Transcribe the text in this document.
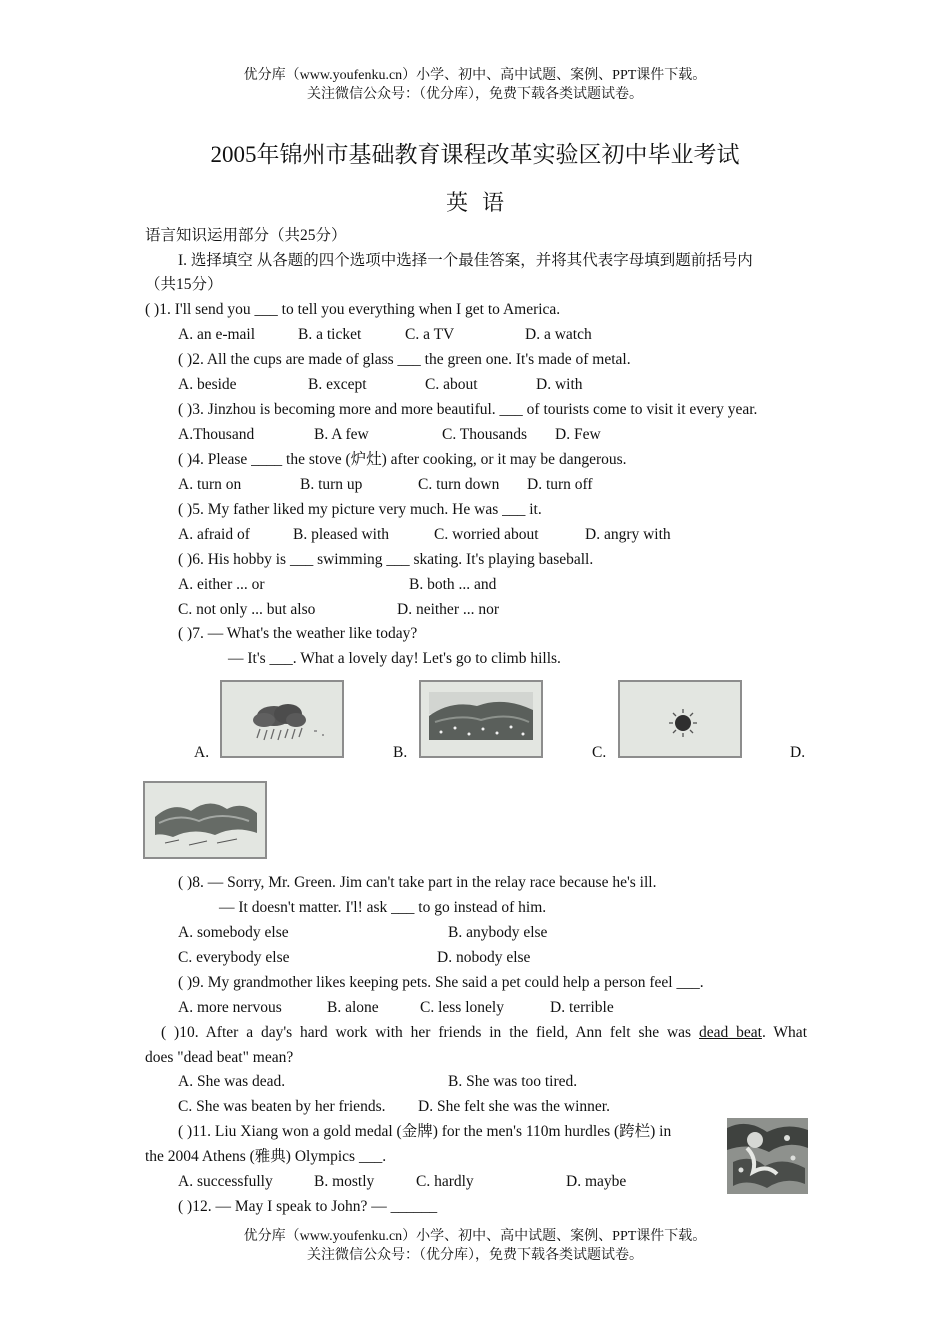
优分库（www.youfenku.cn）小学、初中、高中试题、案例、PPT课件下载。
关注微信公众号：（优分库），免费下载各类试题试卷。
2005年锦州市基础教育课程改革实验区初中毕业考试
英语
语言知识运用部分（共25分）
I. 选择填空 从各题的四个选项中选择一个最佳答案，并将其代表字母填到题前括号内
（共15分）
( )1. I'll send you ___ to tell you everything when I get to America.
A. an e-mail	B. a ticket	C. a TV	D. a watch
( )2. All the cups are made of glass ___ the green one. It's made of metal.
A. beside	B. except	C. about	D. with
( )3. Jinzhou is becoming more and more beautiful. ___ of tourists come to visit it every year.
A.Thousand	B. A few	C. Thousands D. Few
( )4. Please ____ the stove (炉灶) after cooking, or it may be dangerous.
A. turn on	B. turn up	C. turn down D. turn off
( )5. My father liked my picture very much. He was ___ it.
A. afraid of	B. pleased with	C. worried about	D. angry with
( )6. His hobby is ___ swimming ___ skating. It's playing baseball.
A. either ... or	B. both ... and
C. not only ... but also	D. neither ... nor
( )7. — What's the weather like today?
— It's ___. What a lovely day! Let's go to climb hills.
A.	B.	C.	D.
( )8. — Sorry, Mr. Green. Jim can't take part in the relay race because he's ill.
— It doesn't matter. I'l! ask ___ to go instead of him.
A. somebody else	B. anybody else
C. everybody else	D. nobody else
( )9. My grandmother likes keeping pets. She said a pet could help a person feel ___.
A. more nervous	B. alone	C. less lonely	D. terrible
( )10. After a day's hard work with her friends in the field, Ann felt she was dead beat. What
does "dead beat" mean?
A. She was dead.	B. She was too tired.
C. She was beaten by her friends. D. She felt she was the winner.
( )11. Liu Xiang won a gold medal (金牌) for the men's 110m hurdles (跨栏) in
the 2004 Athens (雅典) Olympics ___.
A. successfully	B. mostly	C. hardly	D. maybe
( )12. — May I speak to John? — ______
优分库（www.youfenku.cn）小学、初中、高中试题、案例、PPT课件下载。
关注微信公众号：（优分库），免费下载各类试题试卷。
